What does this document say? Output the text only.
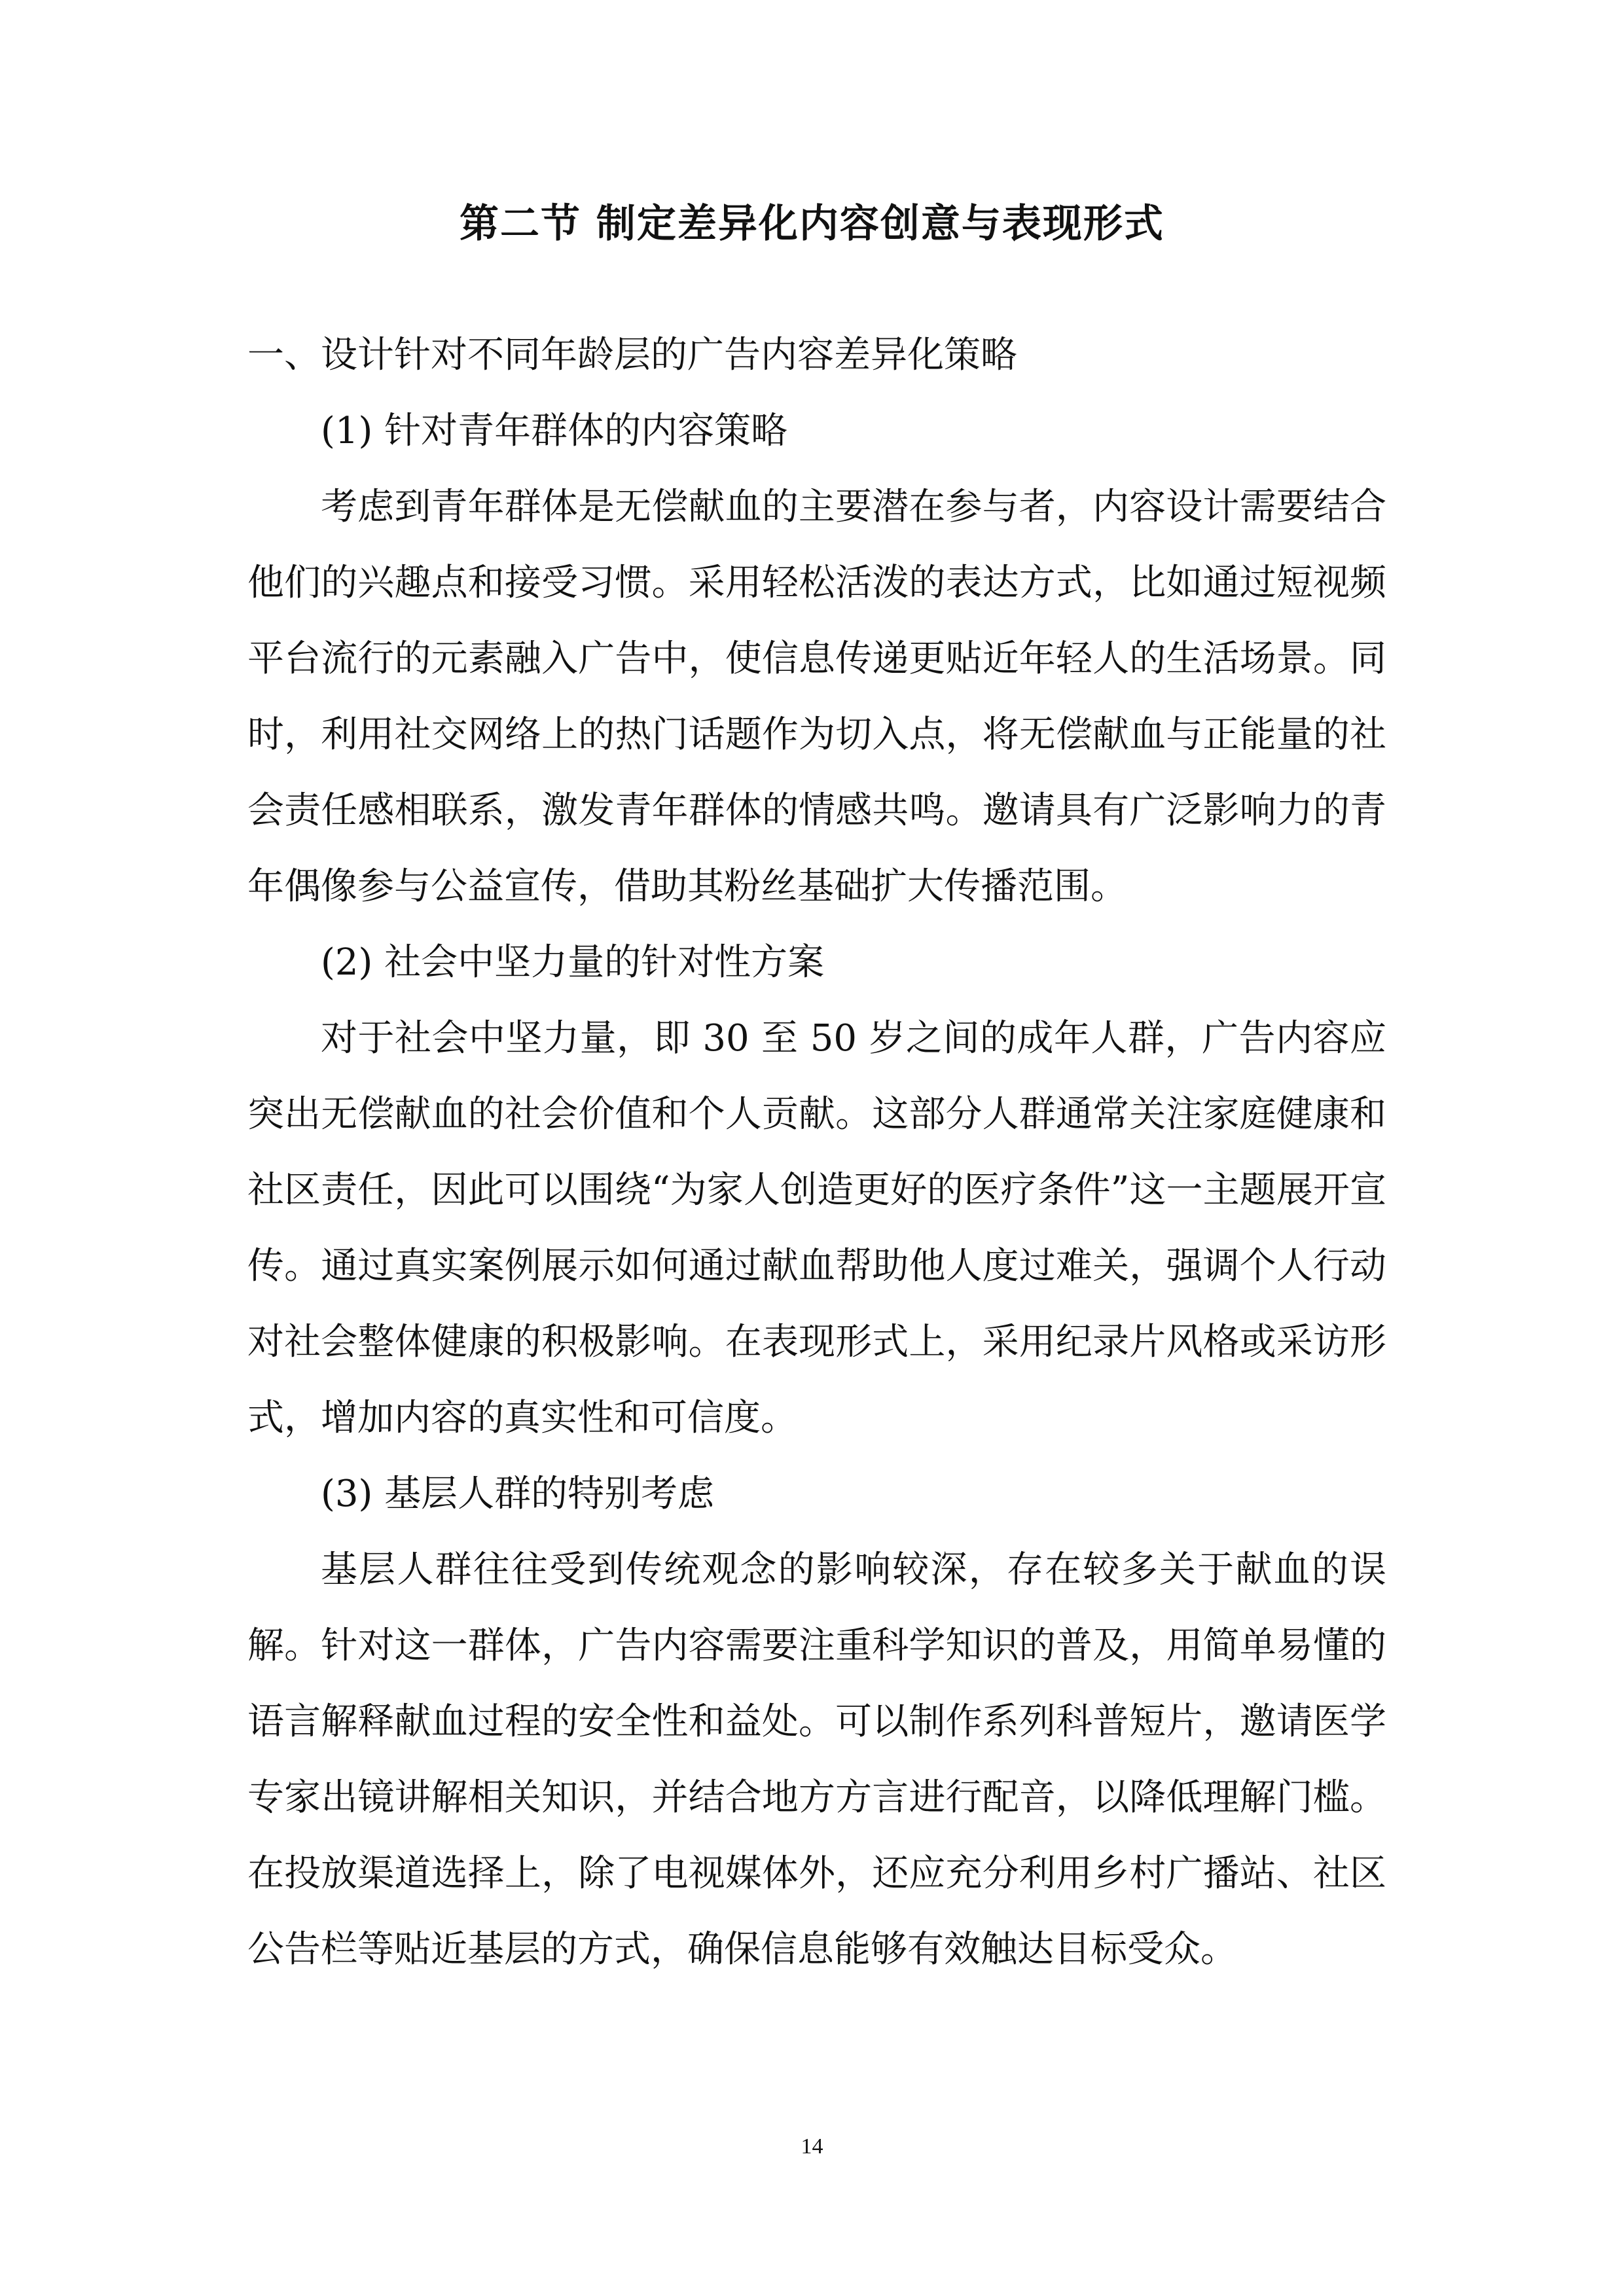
第二节 制定差异化内容创意与表现形式

一、设计针对不同年龄层的广告内容差异化策略

(1) 针对青年群体的内容策略

考虑到青年群体是无偿献血的主要潜在参与者，内容设计需要结合他们的兴趣点和接受习惯。采用轻松活泼的表达方式，比如通过短视频平台流行的元素融入广告中，使信息传递更贴近年轻人的生活场景。同时，利用社交网络上的热门话题作为切入点，将无偿献血与正能量的社会责任感相联系，激发青年群体的情感共鸣。邀请具有广泛影响力的青年偶像参与公益宣传，借助其粉丝基础扩大传播范围。

(2) 社会中坚力量的针对性方案

对于社会中坚力量，即 30 至 50 岁之间的成年人群，广告内容应突出无偿献血的社会价值和个人贡献。这部分人群通常关注家庭健康和社区责任，因此可以围绕“为家人创造更好的医疗条件”这一主题展开宣传。通过真实案例展示如何通过献血帮助他人度过难关，强调个人行动对社会整体健康的积极影响。在表现形式上，采用纪录片风格或采访形式，增加内容的真实性和可信度。

(3) 基层人群的特别考虑

基层人群往往受到传统观念的影响较深，存在较多关于献血的误解。针对这一群体，广告内容需要注重科学知识的普及，用简单易懂的语言解释献血过程的安全性和益处。可以制作系列科普短片，邀请医学专家出镜讲解相关知识，并结合地方方言进行配音，以降低理解门槛。在投放渠道选择上，除了电视媒体外，还应充分利用乡村广播站、社区公告栏等贴近基层的方式，确保信息能够有效触达目标受众。

14
